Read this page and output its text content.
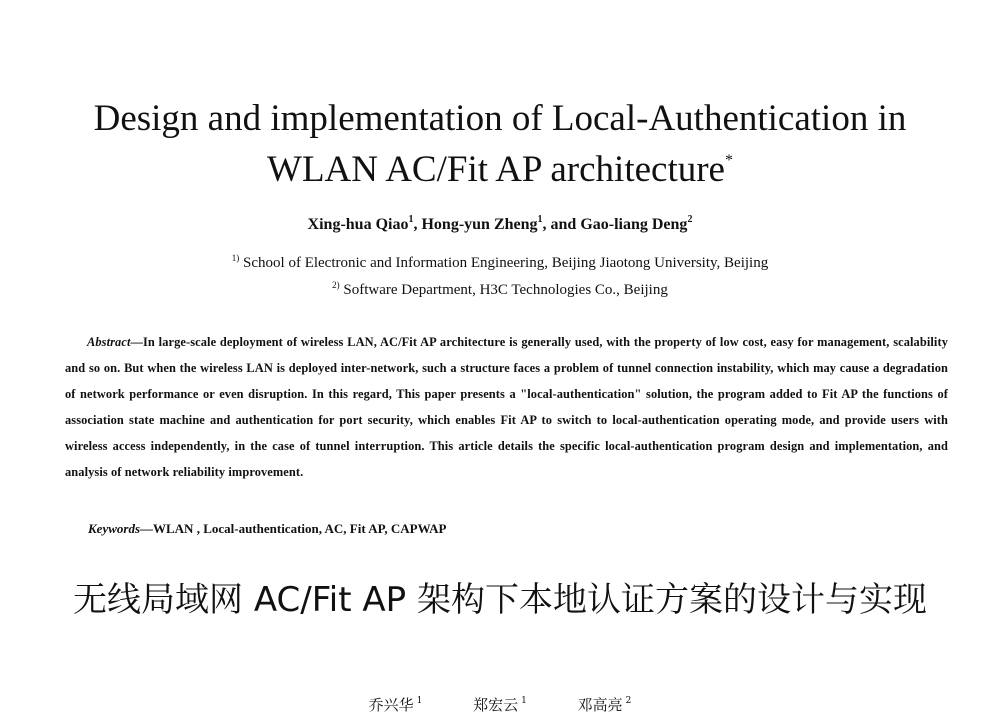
Design and implementation of Local-Authentication in
WLAN AC/Fit AP architecture*
Xing-hua Qiao$^1$, Hong-yun Zheng$^1$, and Gao-liang Deng$^2$
$^{1)}$ School of Electronic and Information Engineering, Beijing Jiaotong University, Beijing
$^{2)}$ Software Department, H3C Technologies Co., Beijing

Abstract—In large-scale deployment of wireless LAN, AC/Fit AP architecture is generally used, with the property of low cost, easy for management, scalability and so on. But when the wireless LAN is deployed inter-network, such a structure faces a problem of tunnel connection instability, which may cause a degradation of network performance or even disruption. In this regard, This paper presents a "local-authentication" solution, the program added to Fit AP the functions of association state machine and authentication for port security, which enables Fit AP to switch to local-authentication operating mode, and provide users with wireless access independently, in the case of tunnel interruption. This article details the specific local-authentication program design and implementation, and analysis of network reliability improvement.

Keywords—WLAN , Local-authentication, AC, Fit AP, CAPWAP
无线局域网 AC/Fit AP 架构下本地认证方案的设计与实现
乔兴华 $^1$	郑宏云 $^1$	邓高亮 $^2$
